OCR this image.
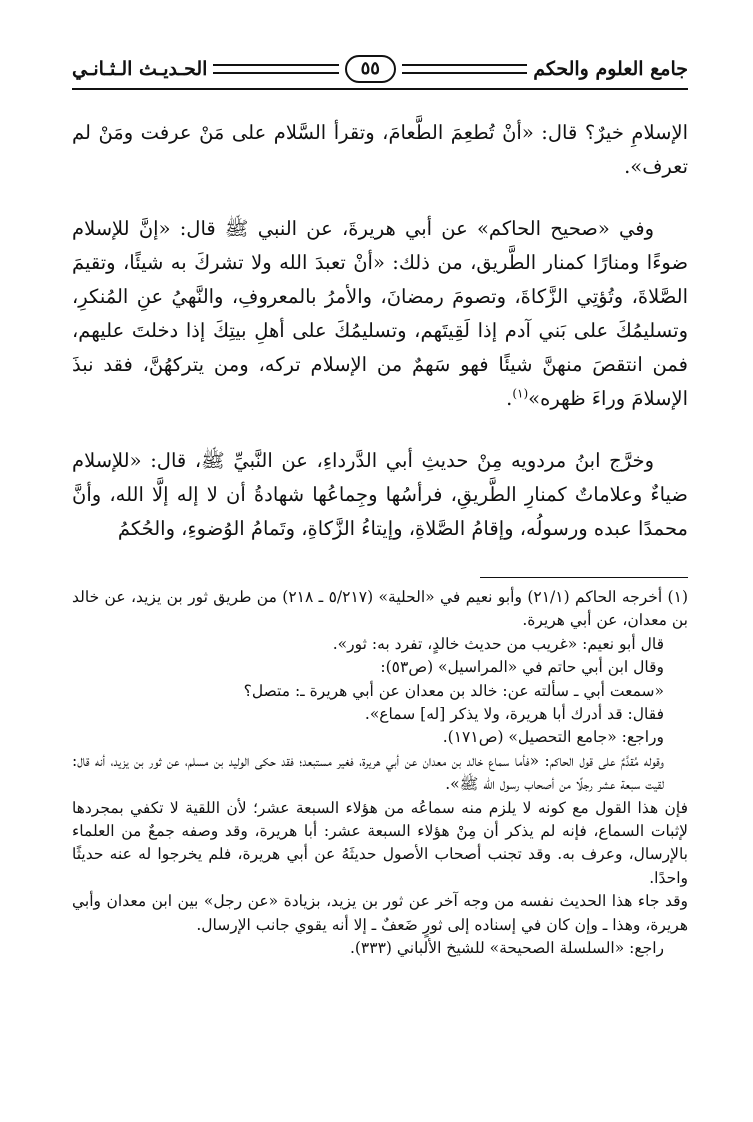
جامع العلوم والحكم
٥٥
الحـديـث الـثـانـي

الإسلامِ خيرٌ؟ قال: «أنْ تُطعِمَ الطَّعامَ، وتقرأ السَّلام على مَنْ عرفت ومَنْ لم تعرف».

وفي «صحيح الحاكم» عن أبي هريرةَ، عن النبي ﷺ قال: «إنَّ للإسلام ضوءًا ومنارًا كمنار الطَّريق، من ذلك: «أنْ تعبدَ الله ولا تشركَ به شيئًا، وتقيمَ الصَّلاةَ، وتُؤتِي الزَّكاةَ، وتصومَ رمضانَ، والأمرُ بالمعروفِ، والنَّهيُ عنِ المُنكرِ، وتسليمُكَ على بَني آدم إذا لَقِيتَهم، وتسليمُكَ على أهلِ بيتِكَ إذا دخلتَ عليهم، فمن انتقصَ منهنَّ شيئًا فهو سَهمٌ من الإسلام تركه، ومن يتركهُنَّ، فقد نبذَ الإسلامَ وراءَ ظهره»$^{(١)}$.

وخرَّج ابنُ مردويه مِنْ حديثِ أبي الدَّرداءِ، عن النَّبيِّ ﷺ، قال: «للإسلام ضياءٌ وعلاماتٌ كمنارِ الطَّريقِ، فرأسُها وجِماعُها شهادةُ أن لا إله إلَّا الله، وأنَّ محمدًا عبده ورسولُه، وإقامُ الصَّلاةِ، وإيتاءُ الزَّكاةِ، وتَمامُ الوُضوءِ، والحُكمُ

(١) أخرجه الحاكم (٢١/١) وأبو نعيم في «الحلية» (٥/٢١٧ ـ ٢١٨) من طريق ثور بن يزيد، عن خالد بن معدان، عن أبي هريرة.

قال أبو نعيم: «غريب من حديث خالدٍ، تفرد به: ثور».

وقال ابن أبي حاتم في «المراسيل» (ص٥٣):

«سمعت أبي ـ سألته عن: خالد بن معدان عن أبي هريرة ـ: متصل؟

فقال: قد أدرك أبا هريرة، ولا يذكر [له] سماع».

وراجع: «جامع التحصيل» (ص١٧١).

وقوله مُقدَّمٌ على قول الحاكم: «فأما سماع خالد بن معدان عن أبي هريرة، فغير مستبعد؛ فقد حكى الوليد بن مسلم، عن ثور بن يزيد، أنه قال: لقيت سبعة عشر رجلًا من أصحاب رسول الله ﷺ».

فإن هذا القول مع كونه لا يلزم منه سماعُه من هؤلاء السبعة عشر؛ لأن اللقية لا تكفي بمجردها لإثبات السماع، فإنه لم يذكر أن مِنْ هؤلاء السبعة عشر: أبا هريرة، وقد وصفه جمعٌ من العلماء بالإرسال، وعرف به. وقد تجنب أصحاب الأصول حديثَهُ عن أبي هريرة، فلم يخرجوا له عنه حديثًا واحدًا.

وقد جاء هذا الحديث نفسه من وجه آخر عن ثور بن يزيد، بزيادة «عن رجل» بين ابن معدان وأبي هريرة، وهذا ـ وإن كان في إسناده إلى ثورٍ ضَعفٌ ـ إلا أنه يقوي جانب الإرسال.

راجع: «السلسلة الصحيحة» للشيخ الألباني (٣٣٣).
